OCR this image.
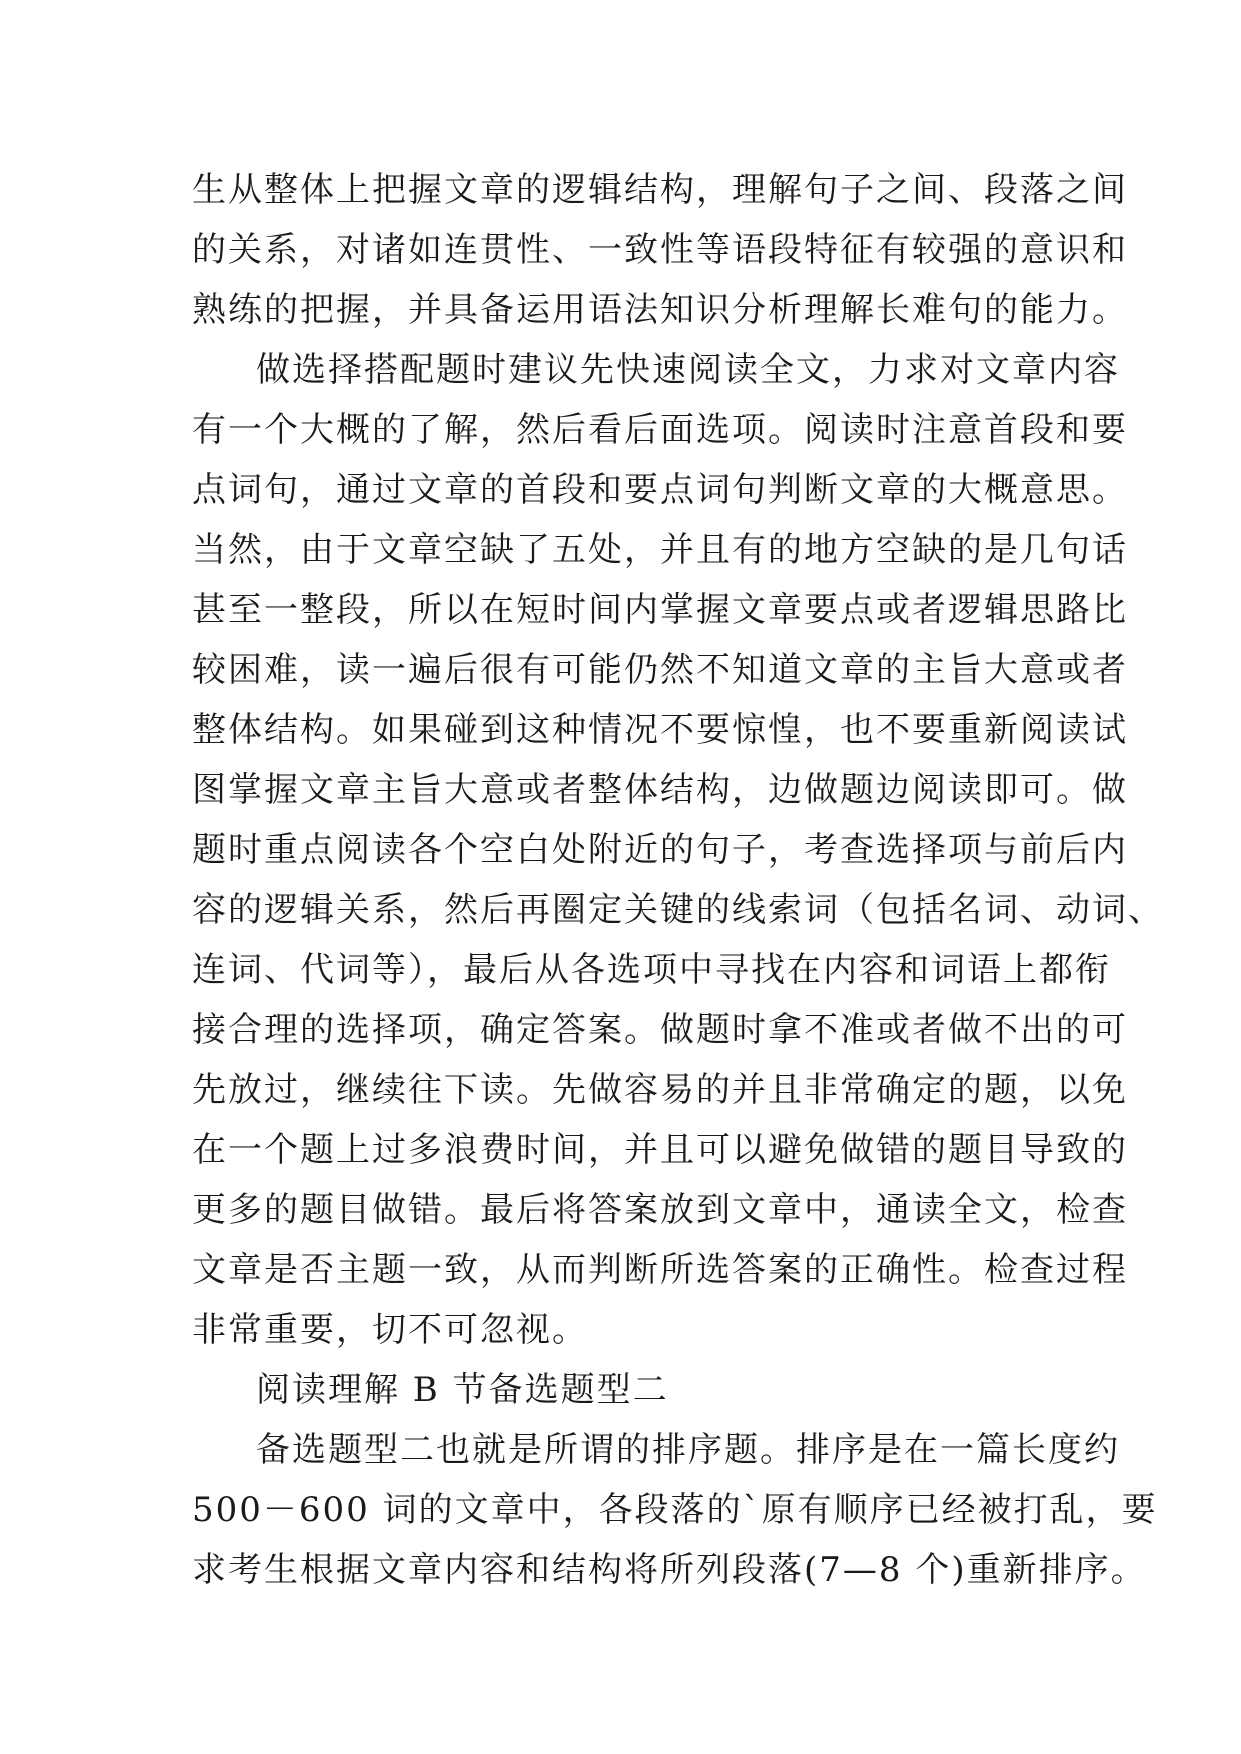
生从整体上把握文章的逻辑结构，理解句子之间、段落之间
的关系，对诸如连贯性、一致性等语段特征有较强的意识和
熟练的把握，并具备运用语法知识分析理解长难句的能力。
做选择搭配题时建议先快速阅读全文，力求对文章内容
有一个大概的了解，然后看后面选项。阅读时注意首段和要
点词句，通过文章的首段和要点词句判断文章的大概意思。
当然，由于文章空缺了五处，并且有的地方空缺的是几句话
甚至一整段，所以在短时间内掌握文章要点或者逻辑思路比
较困难，读一遍后很有可能仍然不知道文章的主旨大意或者
整体结构。如果碰到这种情况不要惊惶，也不要重新阅读试
图掌握文章主旨大意或者整体结构，边做题边阅读即可。做
题时重点阅读各个空白处附近的句子，考查选择项与前后内
容的逻辑关系，然后再圈定关键的线索词（包括名词、动词、
连词、代词等），最后从各选项中寻找在内容和词语上都衔
接合理的选择项，确定答案。做题时拿不准或者做不出的可
先放过，继续往下读。先做容易的并且非常确定的题，以免
在一个题上过多浪费时间，并且可以避免做错的题目导致的
更多的题目做错。最后将答案放到文章中，通读全文，检查
文章是否主题一致，从而判断所选答案的正确性。检查过程
非常重要，切不可忽视。
阅读理解 B 节备选题型二
备选题型二也就是所谓的排序题。排序是在一篇长度约
500－600 词的文章中，各段落的`原有顺序已经被打乱，要
求考生根据文章内容和结构将所列段落(7—8 个)重新排序。
